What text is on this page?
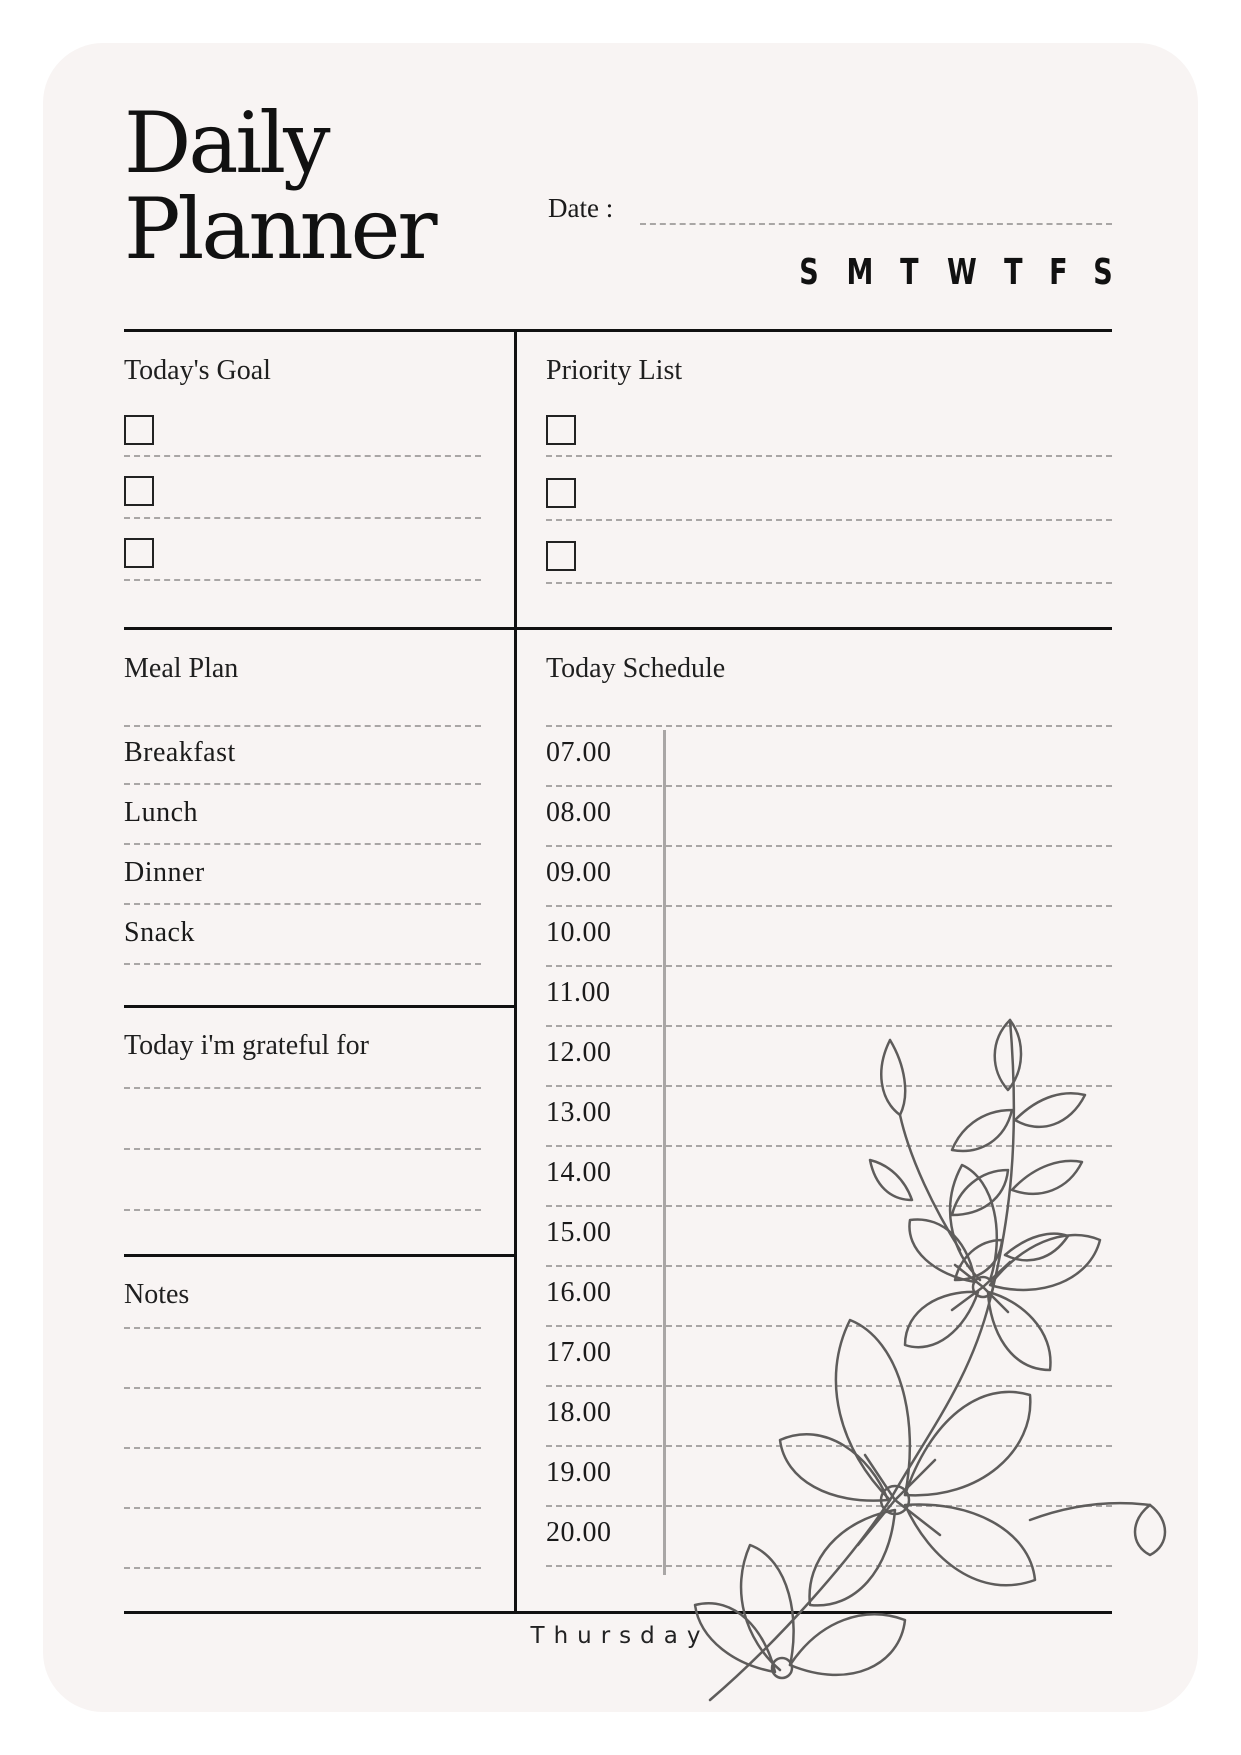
Daily
Planner	Date :
S M T W T F S
Today's Goal	Priority List
Meal Plan
Breakfast
Lunch
Dinner
Snack
Today i'm grateful for
Notes
Today Schedule
07.00
08.00
09.00
10.00
11.00
12.00
13.00
14.00
15.00
16.00
17.00
18.00
19.00
20.00
Thursday
